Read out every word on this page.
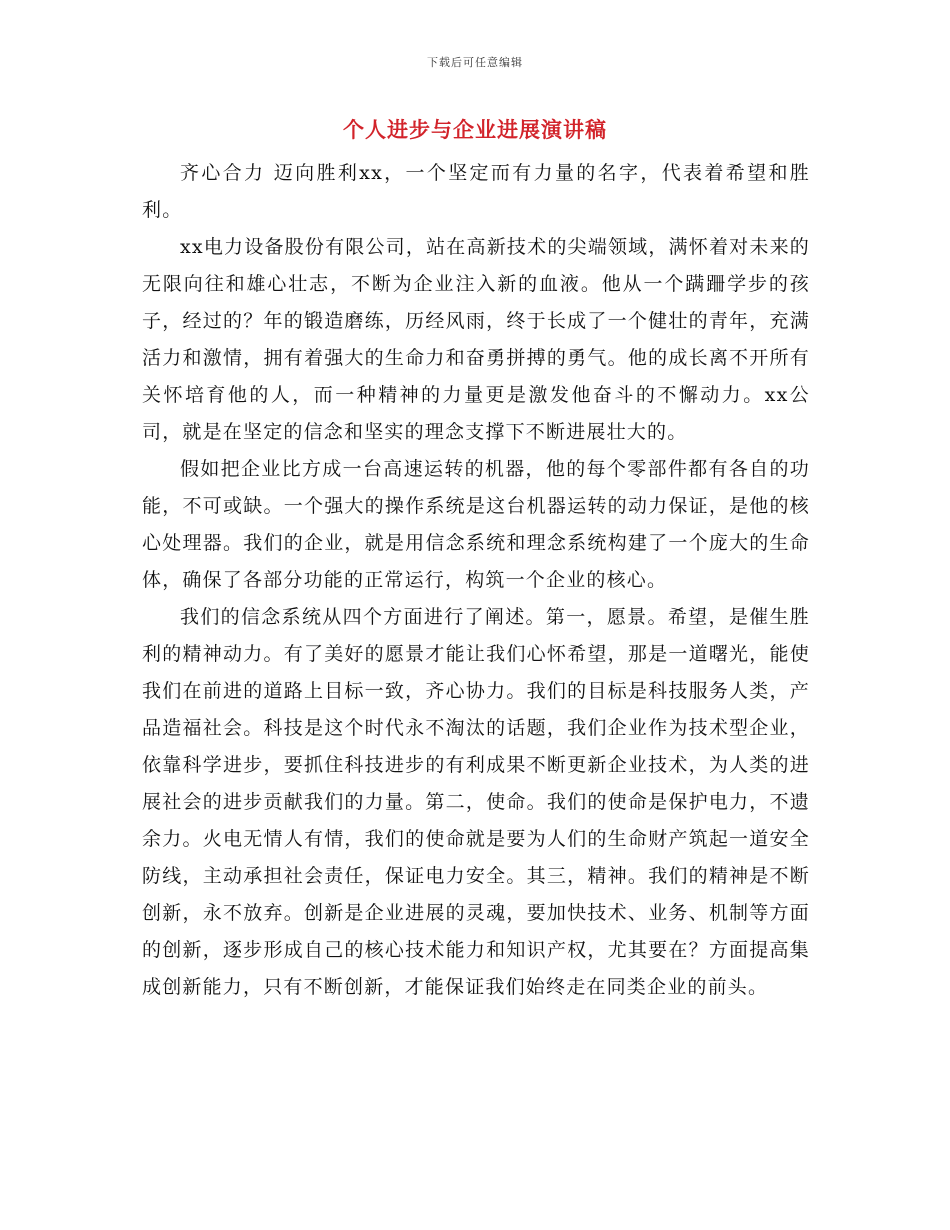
下载后可任意编辑
个人进步与企业进展演讲稿

齐心合力 迈向胜利xx，一个坚定而有力量的名字，代表着希望和胜利。

xx电力设备股份有限公司，站在高新技术的尖端领域，满怀着对未来的无限向往和雄心壮志，不断为企业注入新的血液。他从一个蹒跚学步的孩子，经过的？年的锻造磨练，历经风雨，终于长成了一个健壮的青年，充满活力和激情，拥有着强大的生命力和奋勇拼搏的勇气。他的成长离不开所有关怀培育他的人，而一种精神的力量更是激发他奋斗的不懈动力。xx公司，就是在坚定的信念和坚实的理念支撑下不断进展壮大的。

假如把企业比方成一台高速运转的机器，他的每个零部件都有各自的功能，不可或缺。一个强大的操作系统是这台机器运转的动力保证，是他的核心处理器。我们的企业，就是用信念系统和理念系统构建了一个庞大的生命体，确保了各部分功能的正常运行，构筑一个企业的核心。

我们的信念系统从四个方面进行了阐述。第一，愿景。希望，是催生胜利的精神动力。有了美好的愿景才能让我们心怀希望，那是一道曙光，能使我们在前进的道路上目标一致，齐心协力。我们的目标是科技服务人类，产品造福社会。科技是这个时代永不淘汰的话题，我们企业作为技术型企业，依靠科学进步，要抓住科技进步的有利成果不断更新企业技术，为人类的进展社会的进步贡献我们的力量。第二，使命。我们的使命是保护电力，不遗余力。火电无情人有情，我们的使命就是要为人们的生命财产筑起一道安全防线，主动承担社会责任，保证电力安全。其三，精神。我们的精神是不断创新，永不放弃。创新是企业进展的灵魂，要加快技术、业务、机制等方面的创新，逐步形成自己的核心技术能力和知识产权，尤其要在？方面提高集成创新能力，只有不断创新，才能保证我们始终走在同类企业的前头。
